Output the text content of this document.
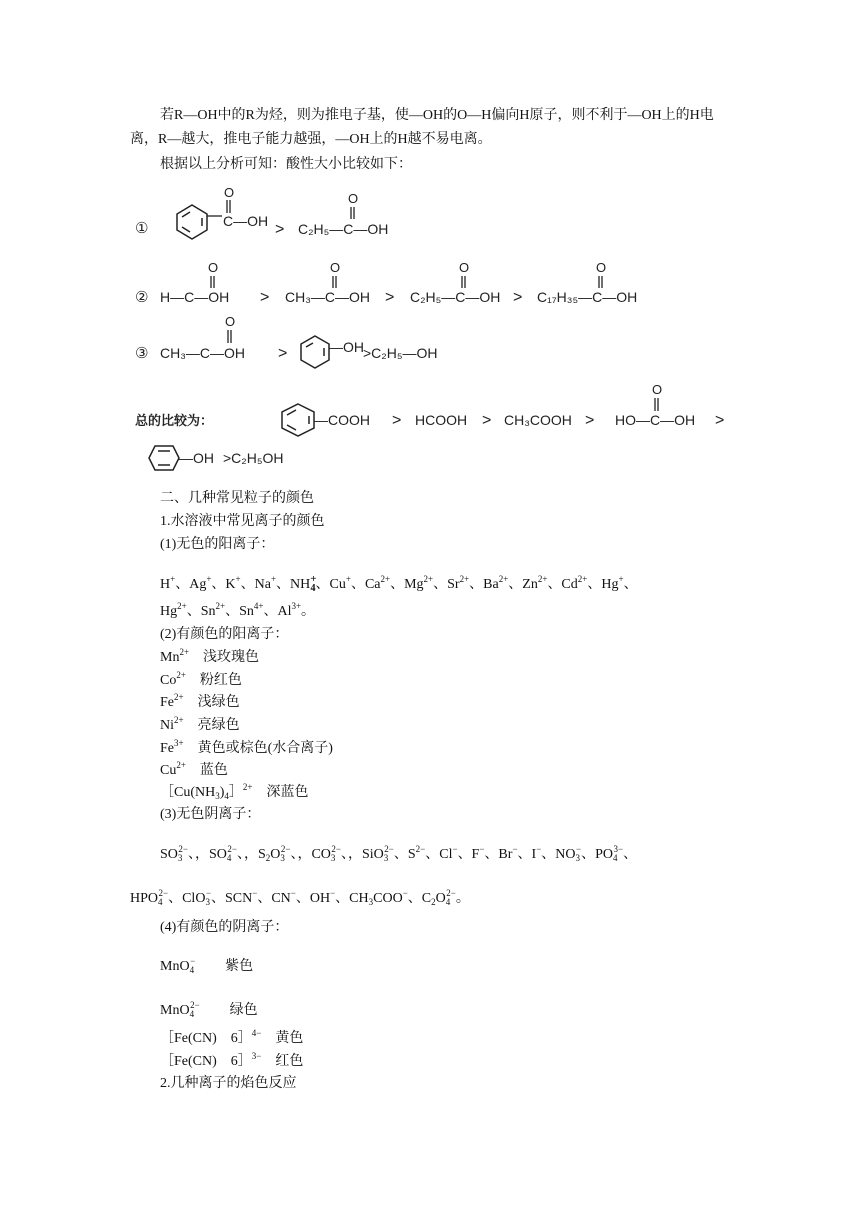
若R—OH中的R为烃，则为推电子基，使—OH的O—H偏向H原子，则不利于—OH上的H电离，R—越大，推电子能力越强，—OH上的H越不易电离。
根据以上分析可知：酸性大小比较如下：
①
O
C—OH > C₂H₅—C—OH
O
② H—C—OH
O
> CH₃—C—OH
O
> C₂H₅—C—OH
O
> C₁₇H₃₅—C—OH
O
③ CH₃—C—OH
O
>	—OH >C₂H₅—OH
总的比较为：	—COOH > HCOOH > CH₃COOH > HO—C—OH
O
>
—OH >C₂H₅OH
二、几种常见粒子的颜色
1.水溶液中常见离子的颜色
(1)无色的阳离子：
H+、Ag+、K+、Na+、$NH^+_4$、Cu+、$Ca^{2+}$、$Mg^{2+}$、$Sr^{2+}$、$Ba^{2+}$、$Zn^{2+}$、$Cd^{2+}$、Hg+、
$Hg^{2+}$、$Sn^{2+}$、$Sn^{4+}$、$Al^{3+}$。
(2)有颜色的阳离子：
$Mn^{2+}$ 浅玫瑰色
$Co^{2+}$ 粉红色
$Fe^{2+}$ 浅绿色
$Ni^{2+}$ 亮绿色
$Fe^{3+}$ 黄色或棕色(水合离子)
$Cu^{2+}$ 蓝色
$[Cu(NH_3)_4]^{2+}$ 深蓝色
(3)无色阴离子：
$SO_3^{2-}$、，$SO_4^{2-}$、，$S_2O_3^{2-}$、，$CO_3^{2-}$、，SiO$_3^{2-}$、$S^{2-}$、Cl−、F−、Br−、I−、$NO_3^-$、$PO_4^{3-}$、
$HPO_4^{2-}$、ClO$_3$−、SCN−、CN−、OH−、$CH_3COO^-$、$C_2O_4^{2-}$。
(4)有颜色的阴离子：
MnO$_4$− 紫色
MnO$_4^{2-}$ 绿色
［Fe(CN)　6］$^{4-}$ 黄色
［Fe(CN)　6］$^{3-}$ 红色
2.几种离子的焰色反应
